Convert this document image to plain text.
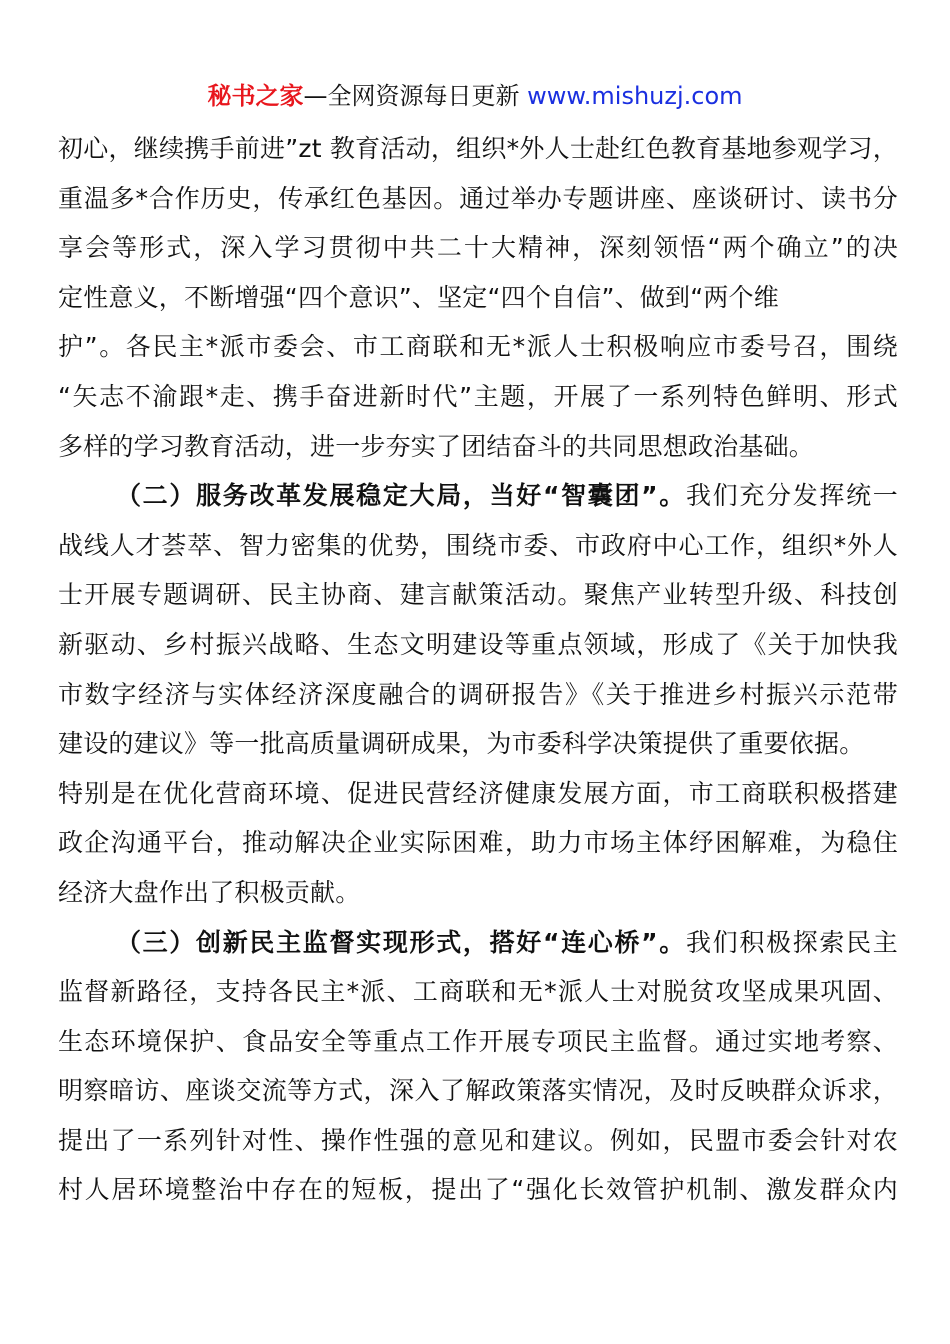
秘书之家—全网资源每日更新 www.mishuzj.com
初心，继续携手前进”zt 教育活动，组织*外人士赴红色教育基地参观学习，
重温多*合作历史，传承红色基因。通过举办专题讲座、座谈研讨、读书分
享会等形式，深入学习贯彻中共二十大精神，深刻领悟“两个确立”的决
定性意义，不断增强“四个意识”、坚定“四个自信”、做到“两个维
护”。各民主*派市委会、市工商联和无*派人士积极响应市委号召，围绕
“矢志不渝跟*走、携手奋进新时代”主题，开展了一系列特色鲜明、形式
多样的学习教育活动，进一步夯实了团结奋斗的共同思想政治基础。
（二）服务改革发展稳定大局，当好“智囊团”。我们充分发挥统一
战线人才荟萃、智力密集的优势，围绕市委、市政府中心工作，组织*外人
士开展专题调研、民主协商、建言献策活动。聚焦产业转型升级、科技创
新驱动、乡村振兴战略、生态文明建设等重点领域，形成了《关于加快我
市数字经济与实体经济深度融合的调研报告》《关于推进乡村振兴示范带
建设的建议》等一批高质量调研成果，为市委科学决策提供了重要依据。
特别是在优化营商环境、促进民营经济健康发展方面，市工商联积极搭建
政企沟通平台，推动解决企业实际困难，助力市场主体纾困解难，为稳住
经济大盘作出了积极贡献。
（三）创新民主监督实现形式，搭好“连心桥”。我们积极探索民主
监督新路径，支持各民主*派、工商联和无*派人士对脱贫攻坚成果巩固、
生态环境保护、食品安全等重点工作开展专项民主监督。通过实地考察、
明察暗访、座谈交流等方式，深入了解政策落实情况，及时反映群众诉求，
提出了一系列针对性、操作性强的意见和建议。例如，民盟市委会针对农
村人居环境整治中存在的短板，提出了“强化长效管护机制、激发群众内
